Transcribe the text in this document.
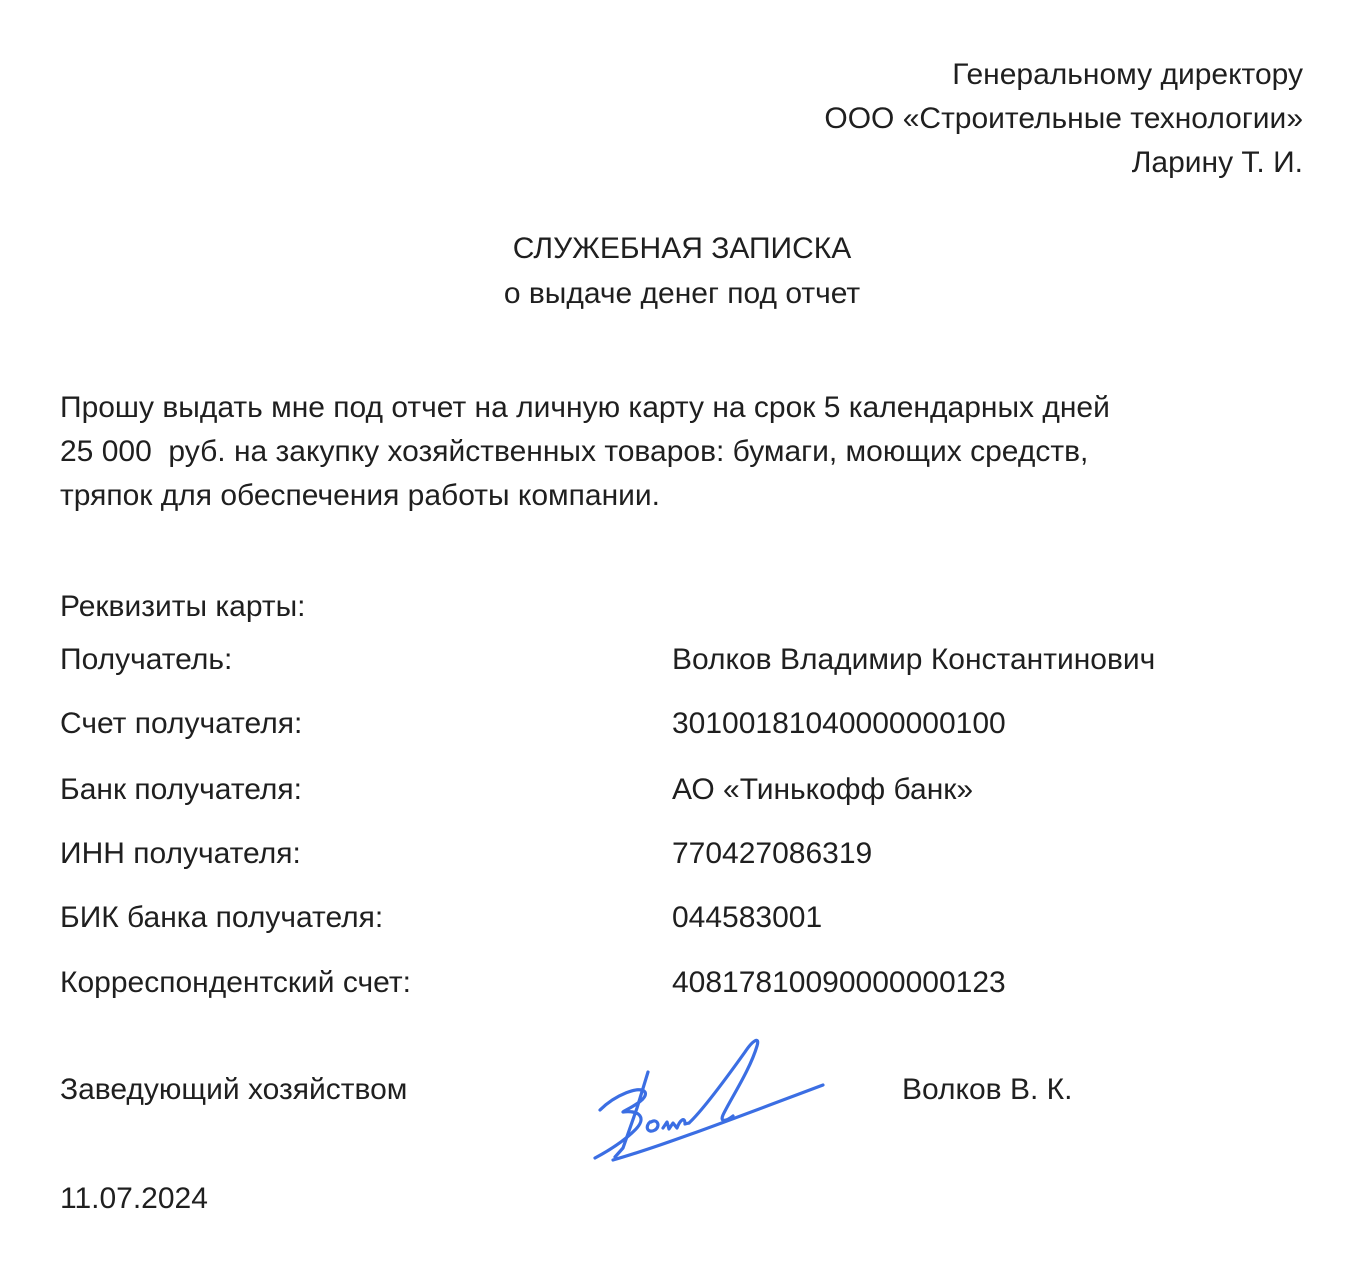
Генеральному директору
ООО «Строительные технологии»
Ларину Т. И.
СЛУЖЕБНАЯ ЗАПИСКА
о выдаче денег под отчет
Прошу выдать мне под отчет на личную карту на срок 5 календарных дней
25 000  руб. на закупку хозяйственных товаров: бумаги, моющих средств,
тряпок для обеспечения работы компании.
Реквизиты карты:
Получатель:	Волков Владимир Константинович
Счет получателя:	30100181040000000100
Банк получателя:	АО «Тинькофф банк»
ИНН получателя:	770427086319
БИК банка получателя:	044583001
Корреспондентский счет:	40817810090000000123
Заведующий хозяйством	Волков В. К.
11.07.2024
